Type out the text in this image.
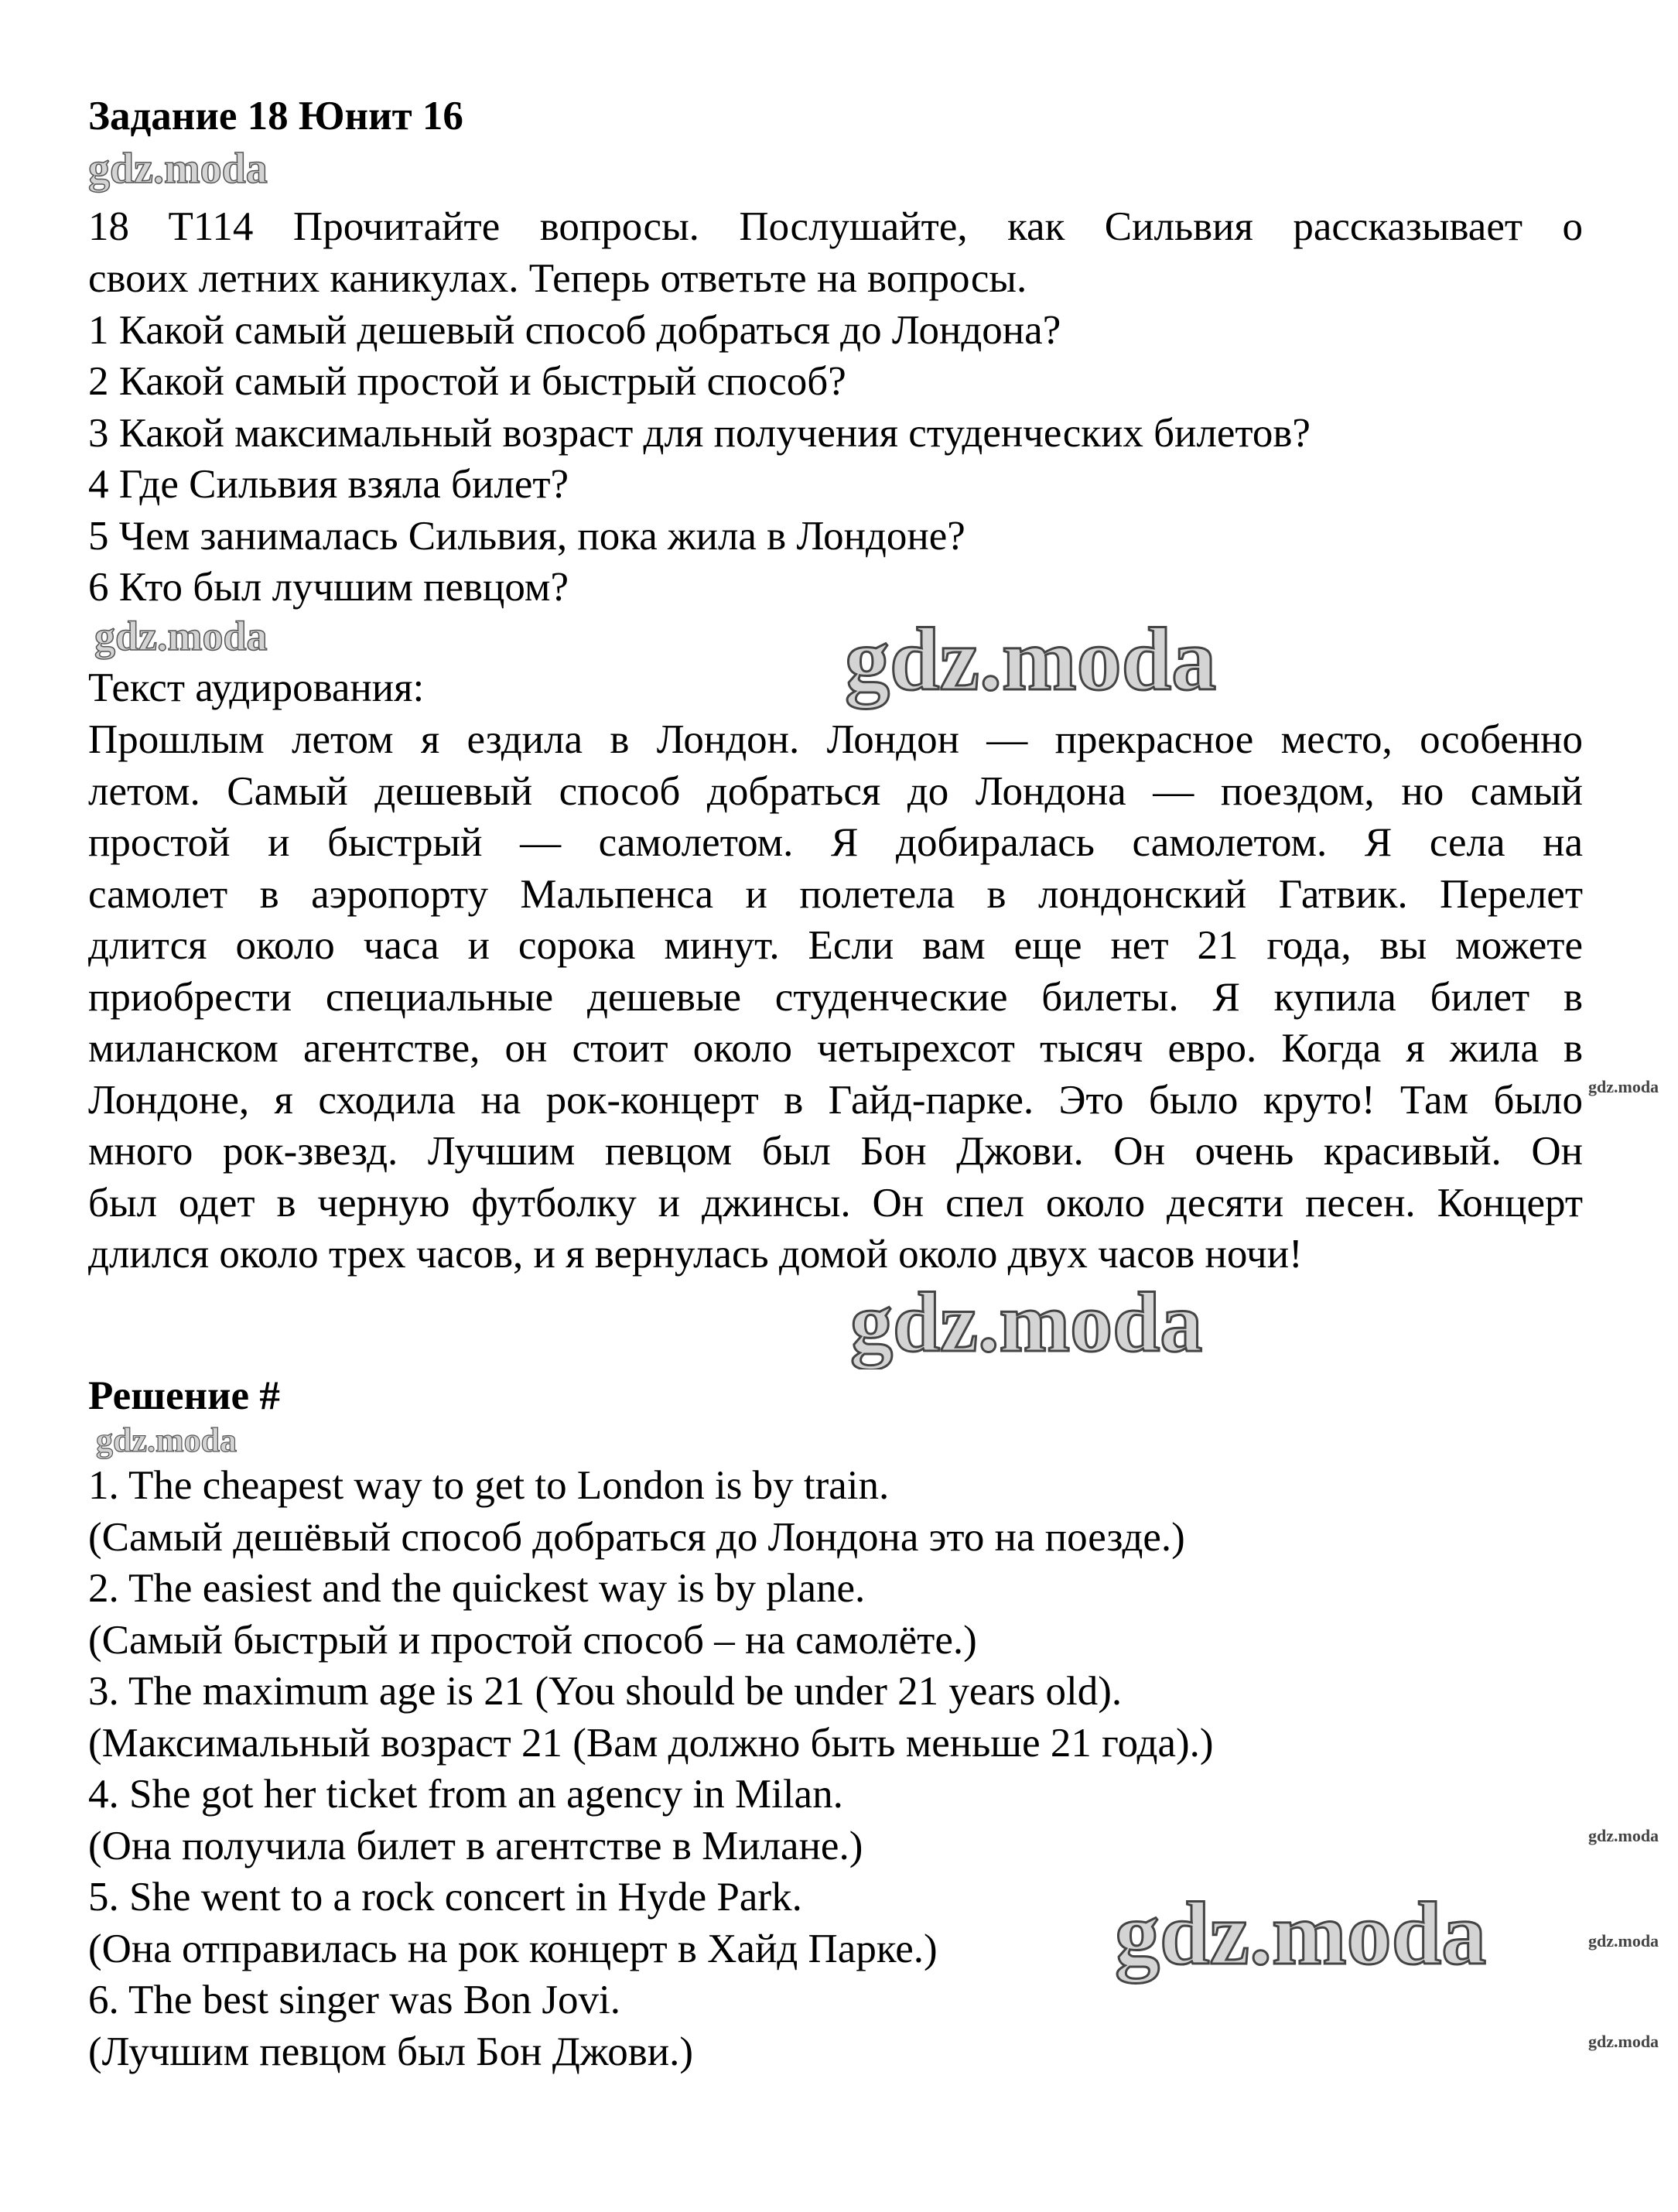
Задание 18 Юнит 16
gdz.moda
18 T114 Прочитайте вопросы. Послушайте, как Сильвия рассказывает о
своих летних каникулах. Теперь ответьте на вопросы.
1 Какой самый дешевый способ добраться до Лондона?
2 Какой самый простой и быстрый способ?
3 Какой максимальный возраст для получения студенческих билетов?
4 Где Сильвия взяла билет?
5 Чем занималась Сильвия, пока жила в Лондоне?
6 Кто был лучшим певцом?
gdz.moda	gdz.moda
Текст аудирования:
Прошлым летом я ездила в Лондон. Лондон — прекрасное место, особенно
летом. Самый дешевый способ добраться до Лондона — поездом, но самый
простой и быстрый — самолетом. Я добиралась самолетом. Я села на
самолет в аэропорту Мальпенса и полетела в лондонский Гатвик. Перелет
длится около часа и сорока минут. Если вам еще нет 21 года, вы можете
приобрести специальные дешевые студенческие билеты. Я купила билет в
миланском агентстве, он стоит около четырехсот тысяч евро. Когда я жила в
Лондоне, я сходила на рок-концерт в Гайд-парке. Это было круто! Там было
много рок-звезд. Лучшим певцом был Бон Джови. Он очень красивый. Он
был одет в черную футболку и джинсы. Он спел около десяти песен. Концерт
длился около трех часов, и я вернулась домой около двух часов ночи!
gdz.moda
gdz.moda
Решение #
gdz.moda
1. The cheapest way to get to London is by train.
(Самый дешёвый способ добраться до Лондона это на поезде.)
2. The easiest and the quickest way is by plane.
(Самый быстрый и простой способ – на самолёте.)
3. The maximum age is 21 (You should be under 21 years old).
(Максимальный возраст 21 (Вам должно быть меньше 21 года).)
4. She got her ticket from an agency in Milan.
(Она получила билет в агентстве в Милане.)
5. She went to a rock concert in Hyde Park.
(Она отправилась на рок концерт в Хайд Парке.)
6. The best singer was Bon Jovi.
(Лучшим певцом был Бон Джови.)
gdz.moda
gdz.moda
gdz.moda
gdz.moda
